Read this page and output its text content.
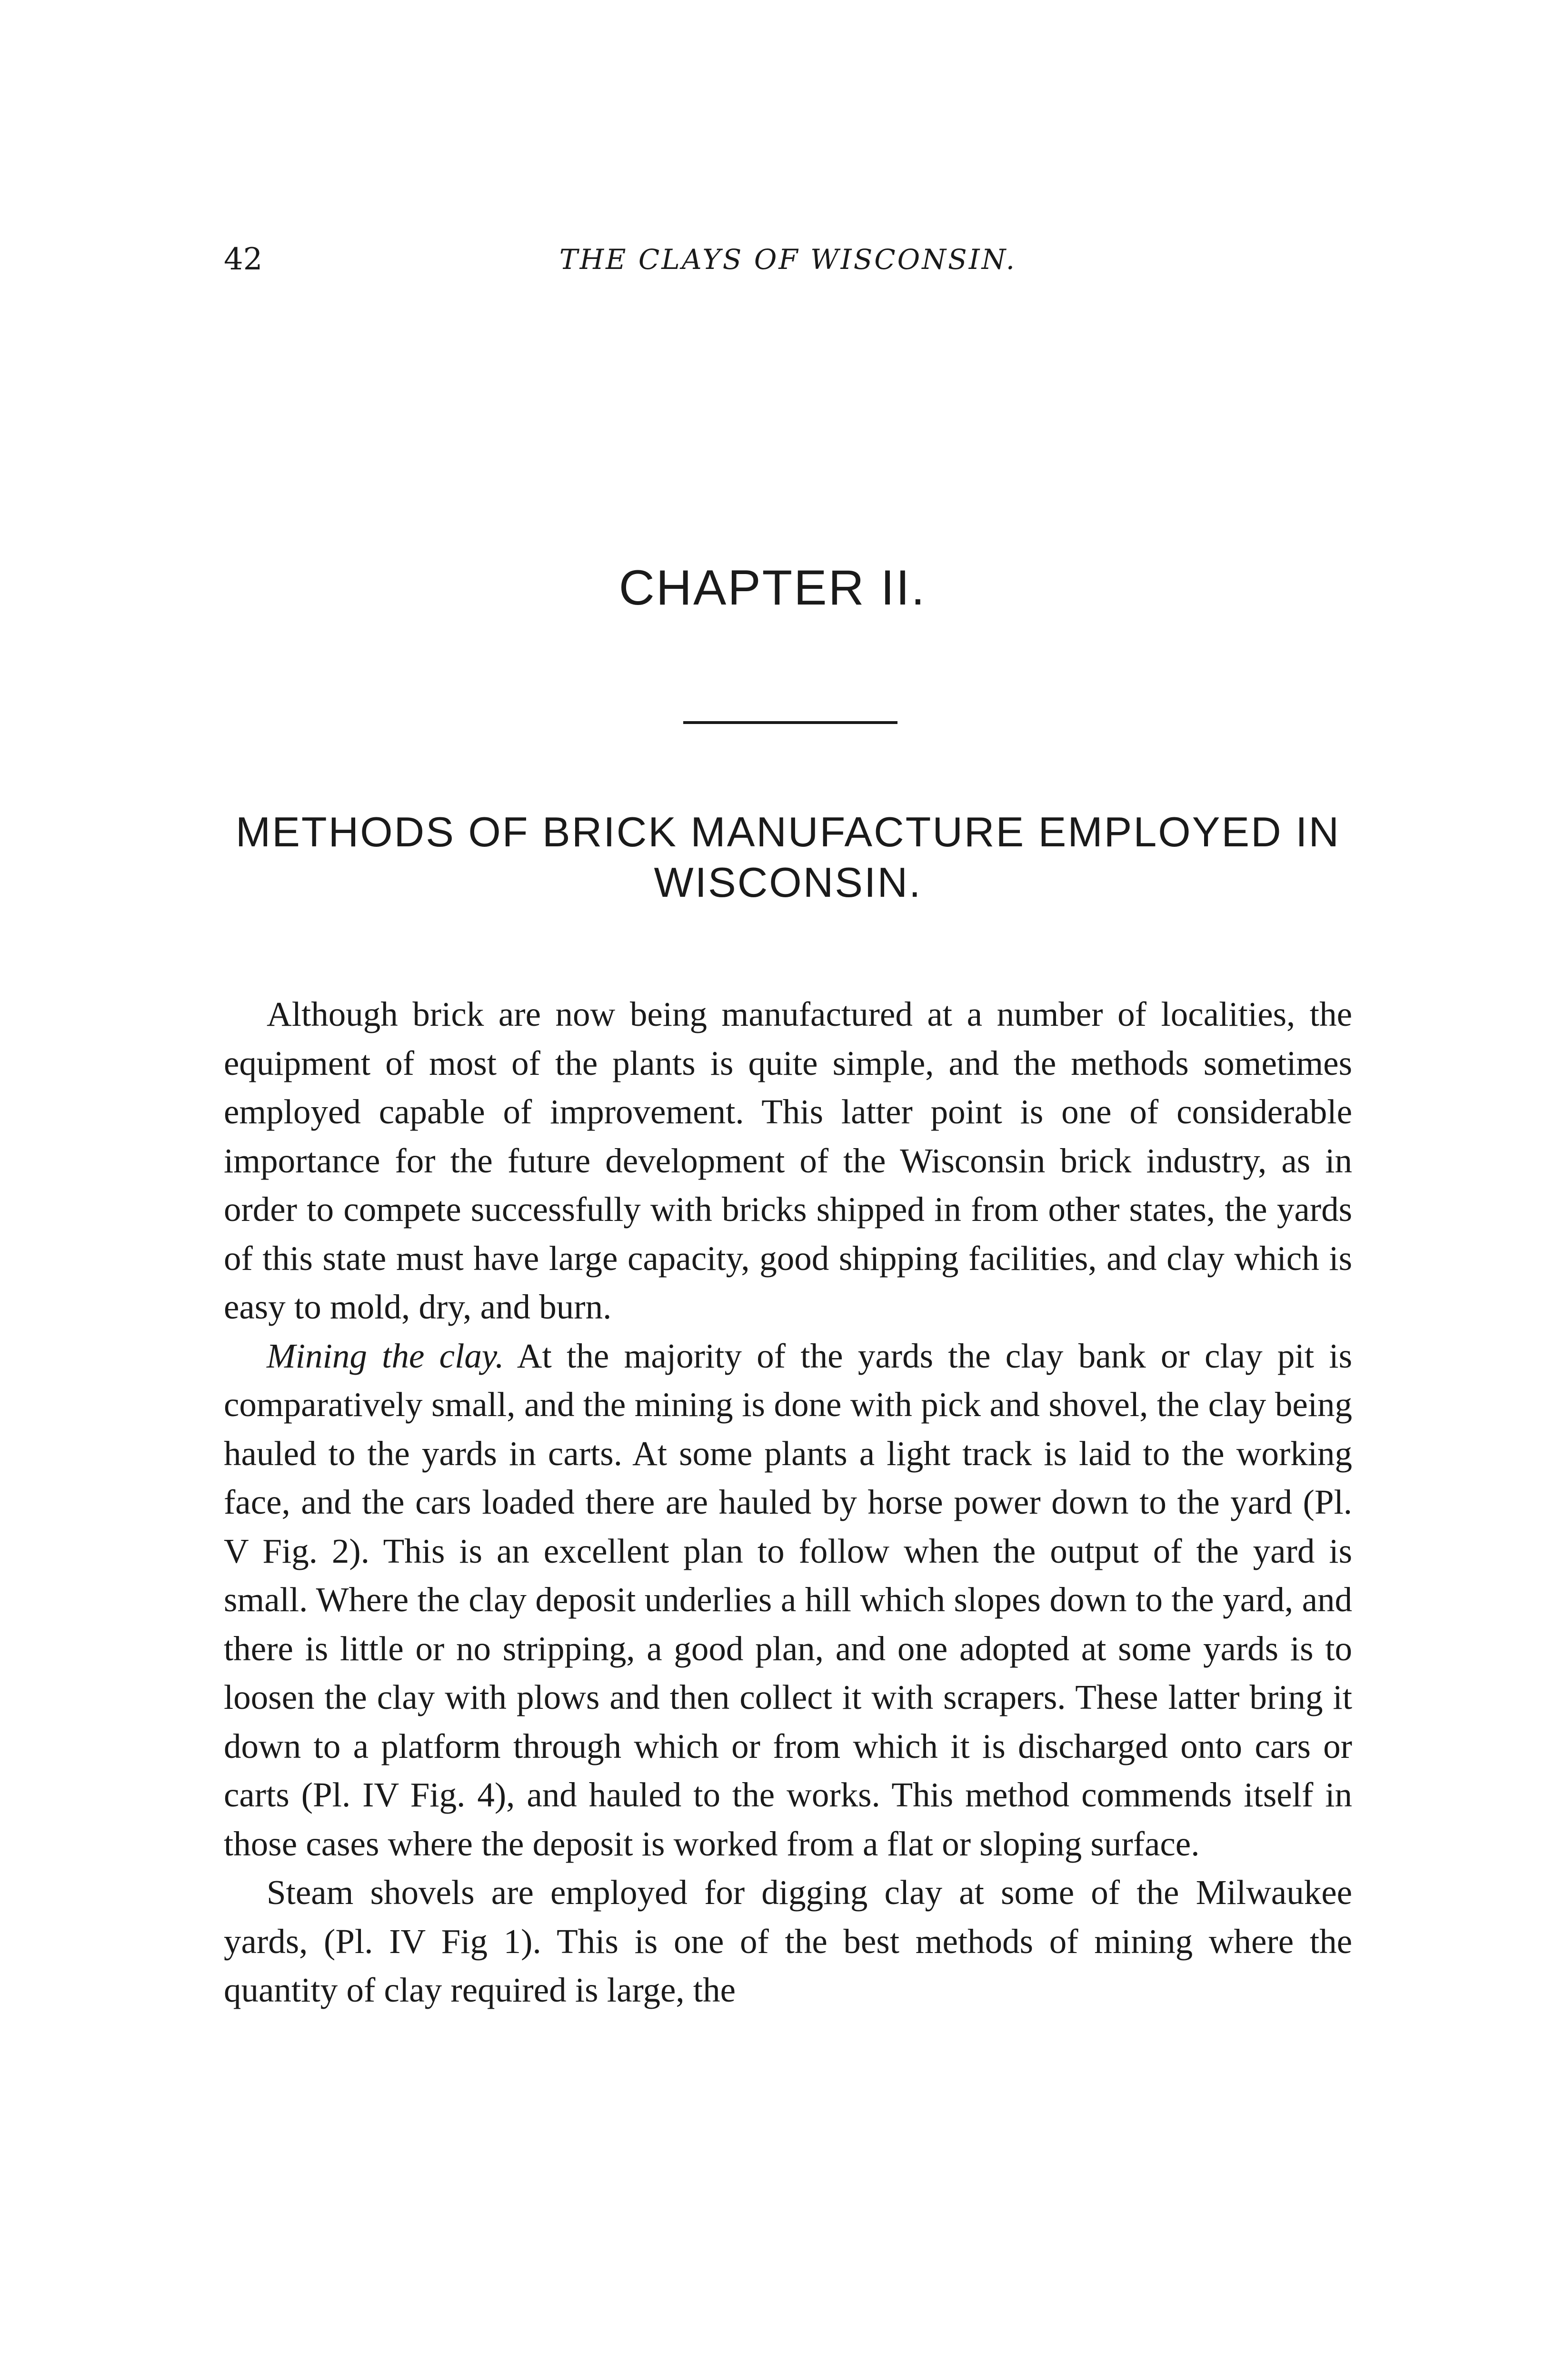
42	THE CLAYS OF WISCONSIN.
CHAPTER II.
METHODS OF BRICK MANUFACTURE EMPLOYED IN WISCONSIN.

Although brick are now being manufactured at a number of localities, the equipment of most of the plants is quite simple, and the methods sometimes employed capable of improvement. This latter point is one of considerable importance for the future development of the Wisconsin brick industry, as in order to compete successfully with bricks shipped in from other states, the yards of this state must have large capacity, good shipping facilities, and clay which is easy to mold, dry, and burn.

Mining the clay. At the majority of the yards the clay bank or clay pit is comparatively small, and the mining is done with pick and shovel, the clay being hauled to the yards in carts. At some plants a light track is laid to the working face, and the cars loaded there are hauled by horse power down to the yard (Pl. V Fig. 2). This is an excellent plan to follow when the output of the yard is small. Where the clay deposit underlies a hill which slopes down to the yard, and there is little or no stripping, a good plan, and one adopted at some yards is to loosen the clay with plows and then collect it with scrapers. These latter bring it down to a platform through which or from which it is discharged onto cars or carts (Pl. IV Fig. 4), and hauled to the works. This method commends itself in those cases where the deposit is worked from a flat or sloping surface.

Steam shovels are employed for digging clay at some of the Milwaukee yards, (Pl. IV Fig 1). This is one of the best methods of mining where the quantity of clay required is large, the
